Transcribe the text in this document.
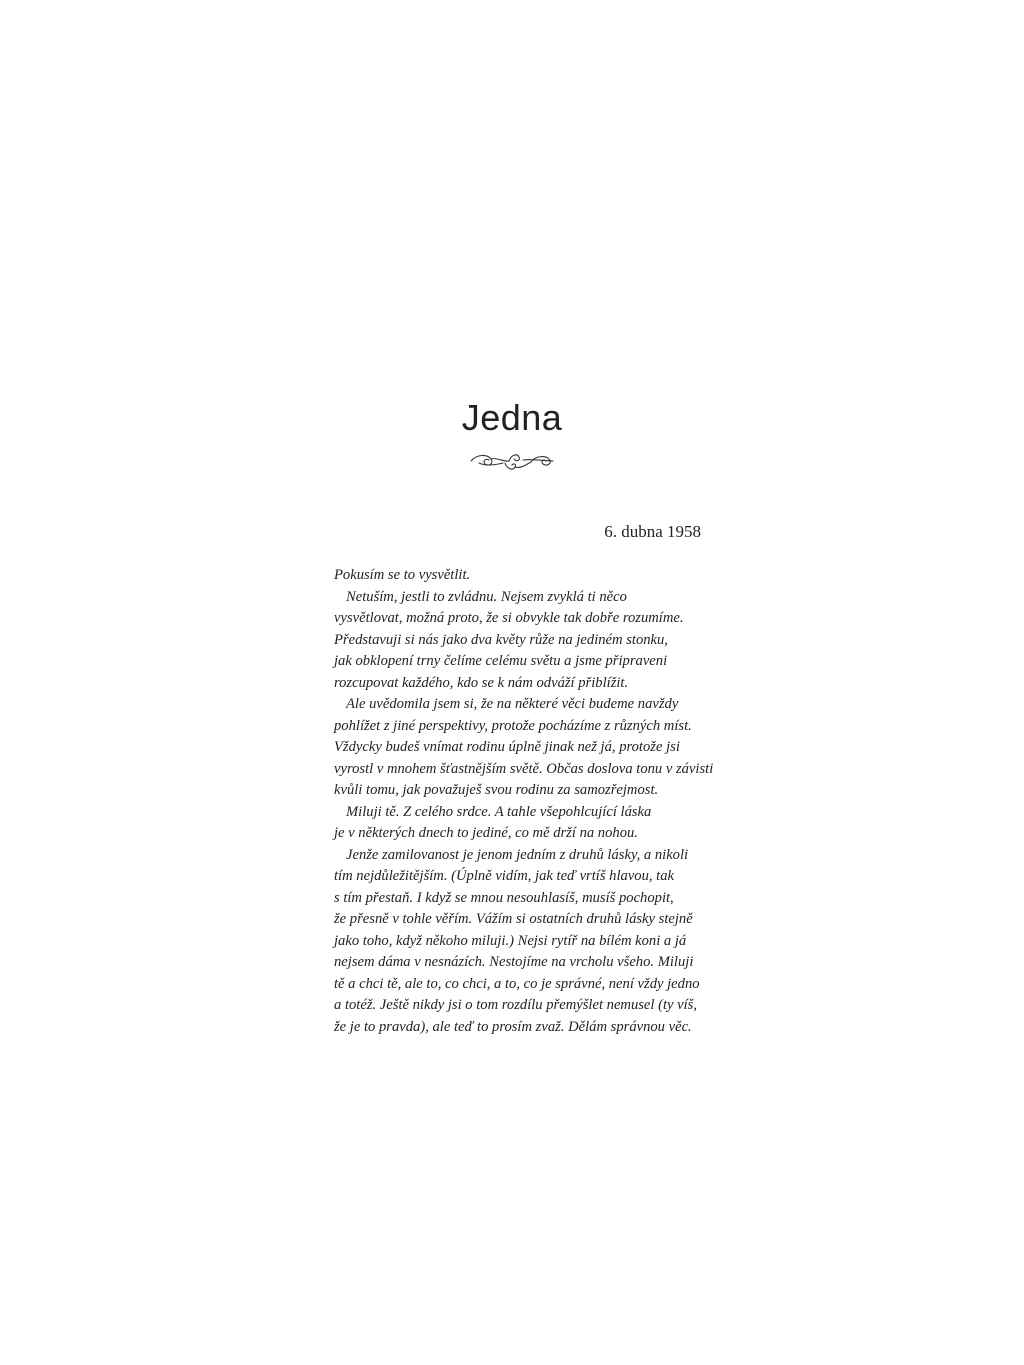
Jedna
6. dubna 1958
Pokusím se to vysvětlit.
Netuším, jestli to zvládnu. Nejsem zvyklá ti něco
vysvětlovat, možná proto, že si obvykle tak dobře rozumíme.
Představuji si nás jako dva květy růže na jediném stonku,
jak obklopení trny čelíme celému světu a jsme připraveni
rozcupovat každého, kdo se k nám odváží přiblížit.
Ale uvědomila jsem si, že na některé věci budeme navždy
pohlížet z jiné perspektivy, protože pocházíme z různých míst.
Vždycky budeš vnímat rodinu úplně jinak než já, protože jsi
vyrostl v mnohem šťastnějším světě. Občas doslova tonu v závisti
kvůli tomu, jak považuješ svou rodinu za samozřejmost.
Miluji tě. Z celého srdce. A tahle všepohlcující láska
je v některých dnech to jediné, co mě drží na nohou.
Jenže zamilovanost je jenom jedním z druhů lásky, a nikoli
tím nejdůležitějším. (Úplně vidím, jak teď vrtíš hlavou, tak
s tím přestaň. I když se mnou nesouhlasíš, musíš pochopit,
že přesně v tohle věřím. Vážím si ostatních druhů lásky stejně
jako toho, když někoho miluji.) Nejsi rytíř na bílém koni a já
nejsem dáma v nesnázích. Nestojíme na vrcholu všeho. Miluji
tě a chci tě, ale to, co chci, a to, co je správné, není vždy jedno
a totéž. Ještě nikdy jsi o tom rozdílu přemýšlet nemusel (ty víš,
že je to pravda), ale teď to prosím zvaž. Dělám správnou věc.
